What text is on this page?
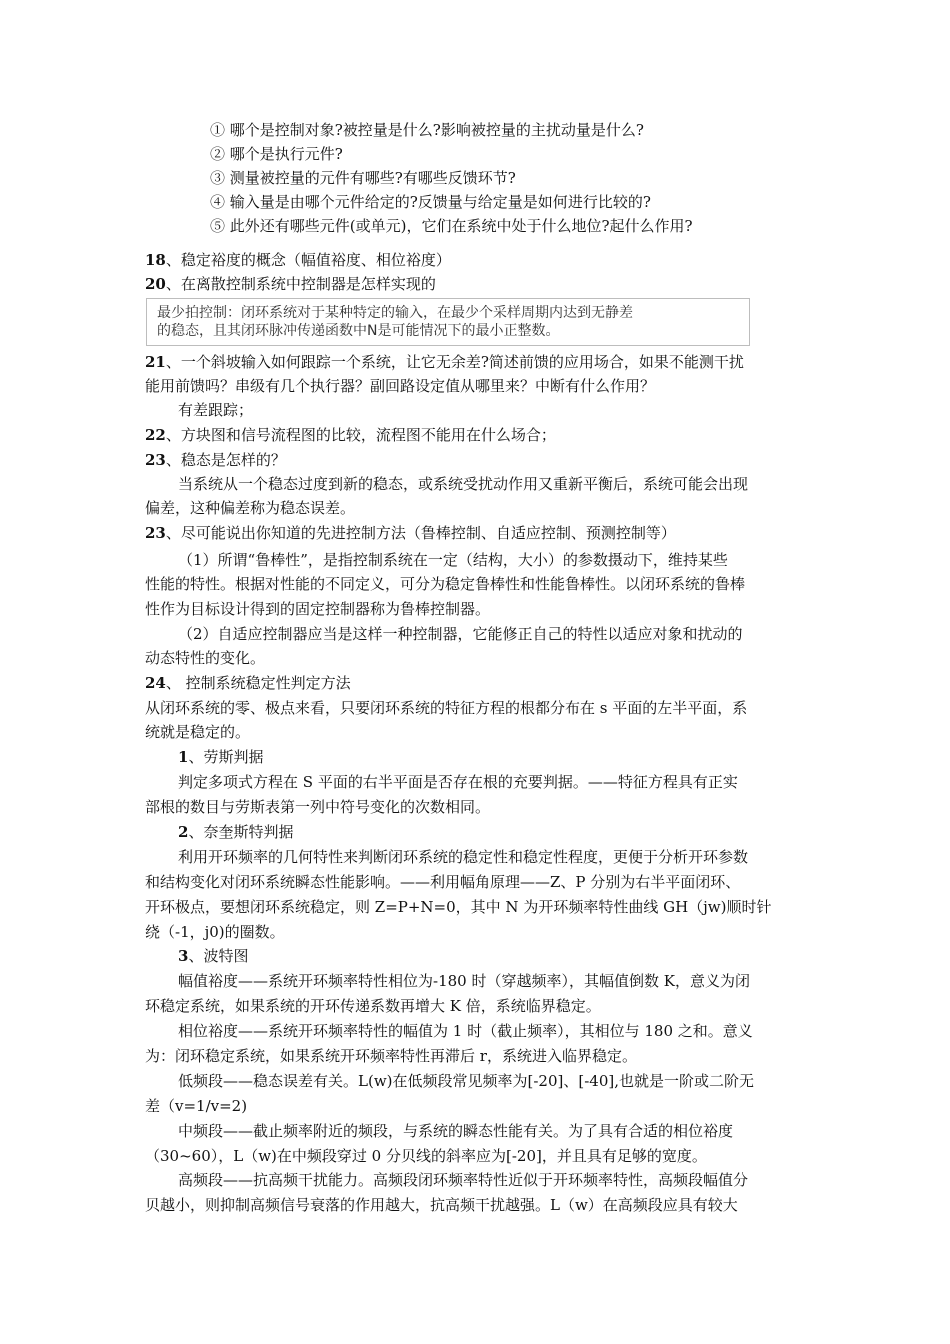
① 哪个是控制对象?被控量是什么?影响被控量的主扰动量是什么?
② 哪个是执行元件?
③ 测量被控量的元件有哪些?有哪些反馈环节?
④ 输入量是由哪个元件给定的?反馈量与给定量是如何进行比较的?
⑤ 此外还有哪些元件(或单元)，它们在系统中处于什么地位?起什么作用?
18、稳定裕度的概念（幅值裕度、相位裕度）
20、在离散控制系统中控制器是怎样实现的
最少拍控制：闭环系统对于某种特定的输入，在最少个采样周期内达到无静差
的稳态，且其闭环脉冲传递函数中N是可能情况下的最小正整数。
21、一个斜坡输入如何跟踪一个系统，让它无余差?简述前馈的应用场合，如果不能测干扰
能用前馈吗？串级有几个执行器？副回路设定值从哪里来？中断有什么作用？
有差跟踪；
22、方块图和信号流程图的比较，流程图不能用在什么场合；
23、稳态是怎样的？
当系统从一个稳态过度到新的稳态，或系统受扰动作用又重新平衡后，系统可能会出现
偏差，这种偏差称为稳态误差。
23、尽可能说出你知道的先进控制方法（鲁棒控制、自适应控制、预测控制等）
（1）所谓“鲁棒性”，是指控制系统在一定（结构，大小）的参数摄动下，维持某些
性能的特性。根据对性能的不同定义，可分为稳定鲁棒性和性能鲁棒性。以闭环系统的鲁棒
性作为目标设计得到的固定控制器称为鲁棒控制器。
（2）自适应控制器应当是这样一种控制器，它能修正自己的特性以适应对象和扰动的
动态特性的变化。
24、 控制系统稳定性判定方法
从闭环系统的零、极点来看，只要闭环系统的特征方程的根都分布在 s 平面的左半平面，系
统就是稳定的。
1、劳斯判据
判定多项式方程在 S 平面的右半平面是否存在根的充要判据。——特征方程具有正实
部根的数目与劳斯表第一列中符号变化的次数相同。
2、奈奎斯特判据
利用开环频率的几何特性来判断闭环系统的稳定性和稳定性程度，更便于分析开环参数
和结构变化对闭环系统瞬态性能影响。——利用幅角原理——Z、P 分别为右半平面闭环、
开环极点，要想闭环系统稳定，则 Z=P+N=0，其中 N 为开环频率特性曲线 GH（jw)顺时针
绕（-1，j0)的圈数。
3、波特图
幅值裕度——系统开环频率特性相位为-180 时（穿越频率），其幅值倒数 K，意义为闭
环稳定系统，如果系统的开环传递系数再增大 K 倍，系统临界稳定。
相位裕度——系统开环频率特性的幅值为 1 时（截止频率），其相位与 180 之和。意义
为：闭环稳定系统，如果系统开环频率特性再滞后 r，系统进入临界稳定。
低频段——稳态误差有关。L(w)在低频段常见频率为[-20]、[-40],也就是一阶或二阶无
差（v=1/v=2)
中频段——截止频率附近的频段，与系统的瞬态性能有关。为了具有合适的相位裕度
（30~60），L（w)在中频段穿过 0 分贝线的斜率应为[-20]，并且具有足够的宽度。
高频段——抗高频干扰能力。高频段闭环频率特性近似于开环频率特性，高频段幅值分
贝越小，则抑制高频信号衰落的作用越大，抗高频干扰越强。L（w）在高频段应具有较大
